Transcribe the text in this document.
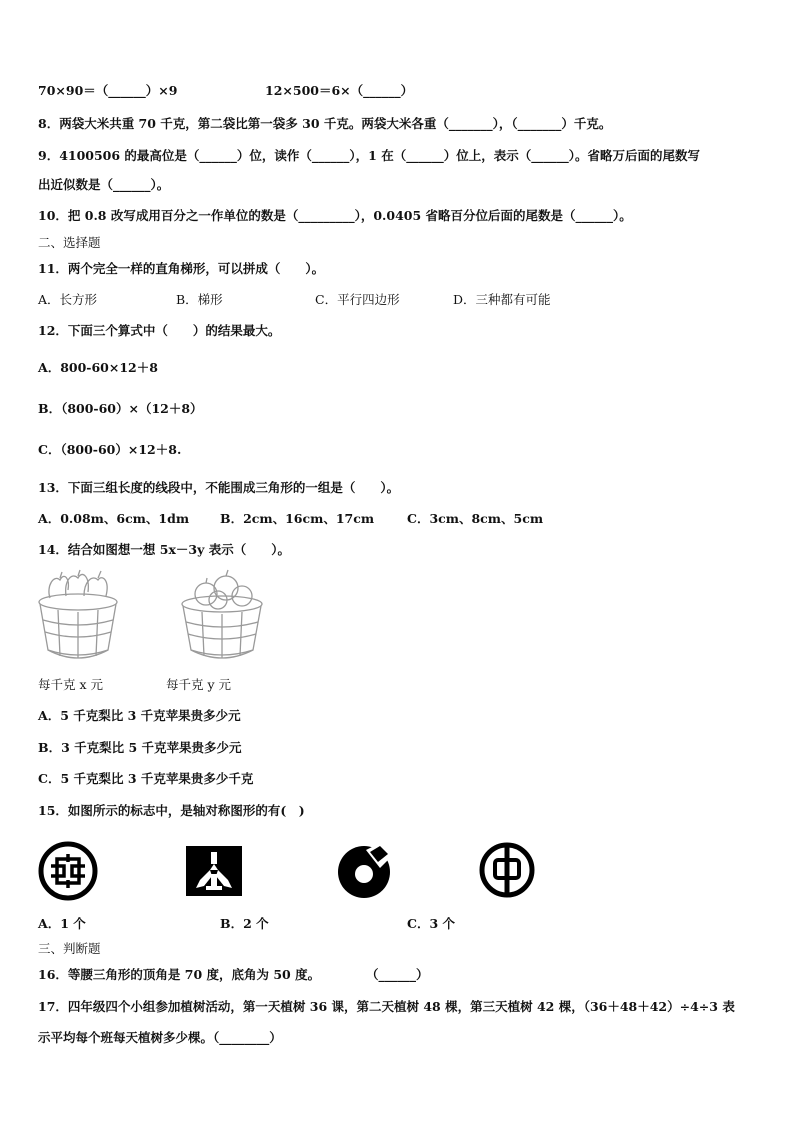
70×90＝（______）×9	12×500＝6×（______）
8．两袋大米共重 70 千克，第二袋比第一袋多 30 千克。两袋大米各重（_______），（_______）千克。
9．4100506 的最高位是（______）位，读作（______），1 在（______）位上，表示（______）。省略万后面的尾数写
出近似数是（______）。
10．把 0.8 改写成用百分之一作单位的数是（_________），0.0405 省略百分位后面的尾数是（______）。
二、选择题
11．两个完全一样的直角梯形，可以拼成（　　）。
A．长方形	B．梯形	C．平行四边形	D．三种都有可能
12．下面三个算式中（　　）的结果最大。
A．800-60×12＋8
B．（800-60）×（12＋8）
C．（800-60）×12＋8.
13．下面三组长度的线段中，不能围成三角形的一组是（　　）。
A．0.08m、6cm、1dm B．2cm、16cm、17cm	C．3cm、8cm、5cm
14．结合如图想一想 5x－3y 表示（　　）。
每千克 x 元	每千克 y 元
A．5 千克梨比 3 千克苹果贵多少元
B．3 千克梨比 5 千克苹果贵多少元
C．5 千克梨比 3 千克苹果贵多少千克
15．如图所示的标志中，是轴对称图形的有(　)
A．1 个	B．2 个	C．3 个
三、判断题
16．等腰三角形的顶角是 70 度，底角为 50 度。	（______）
17．四年级四个小组参加植树活动，第一天植树 36 课，第二天植树 48 棵，第三天植树 42 棵，（36＋48＋42）÷4÷3 表
示平均每个班每天植树多少棵。（________）
